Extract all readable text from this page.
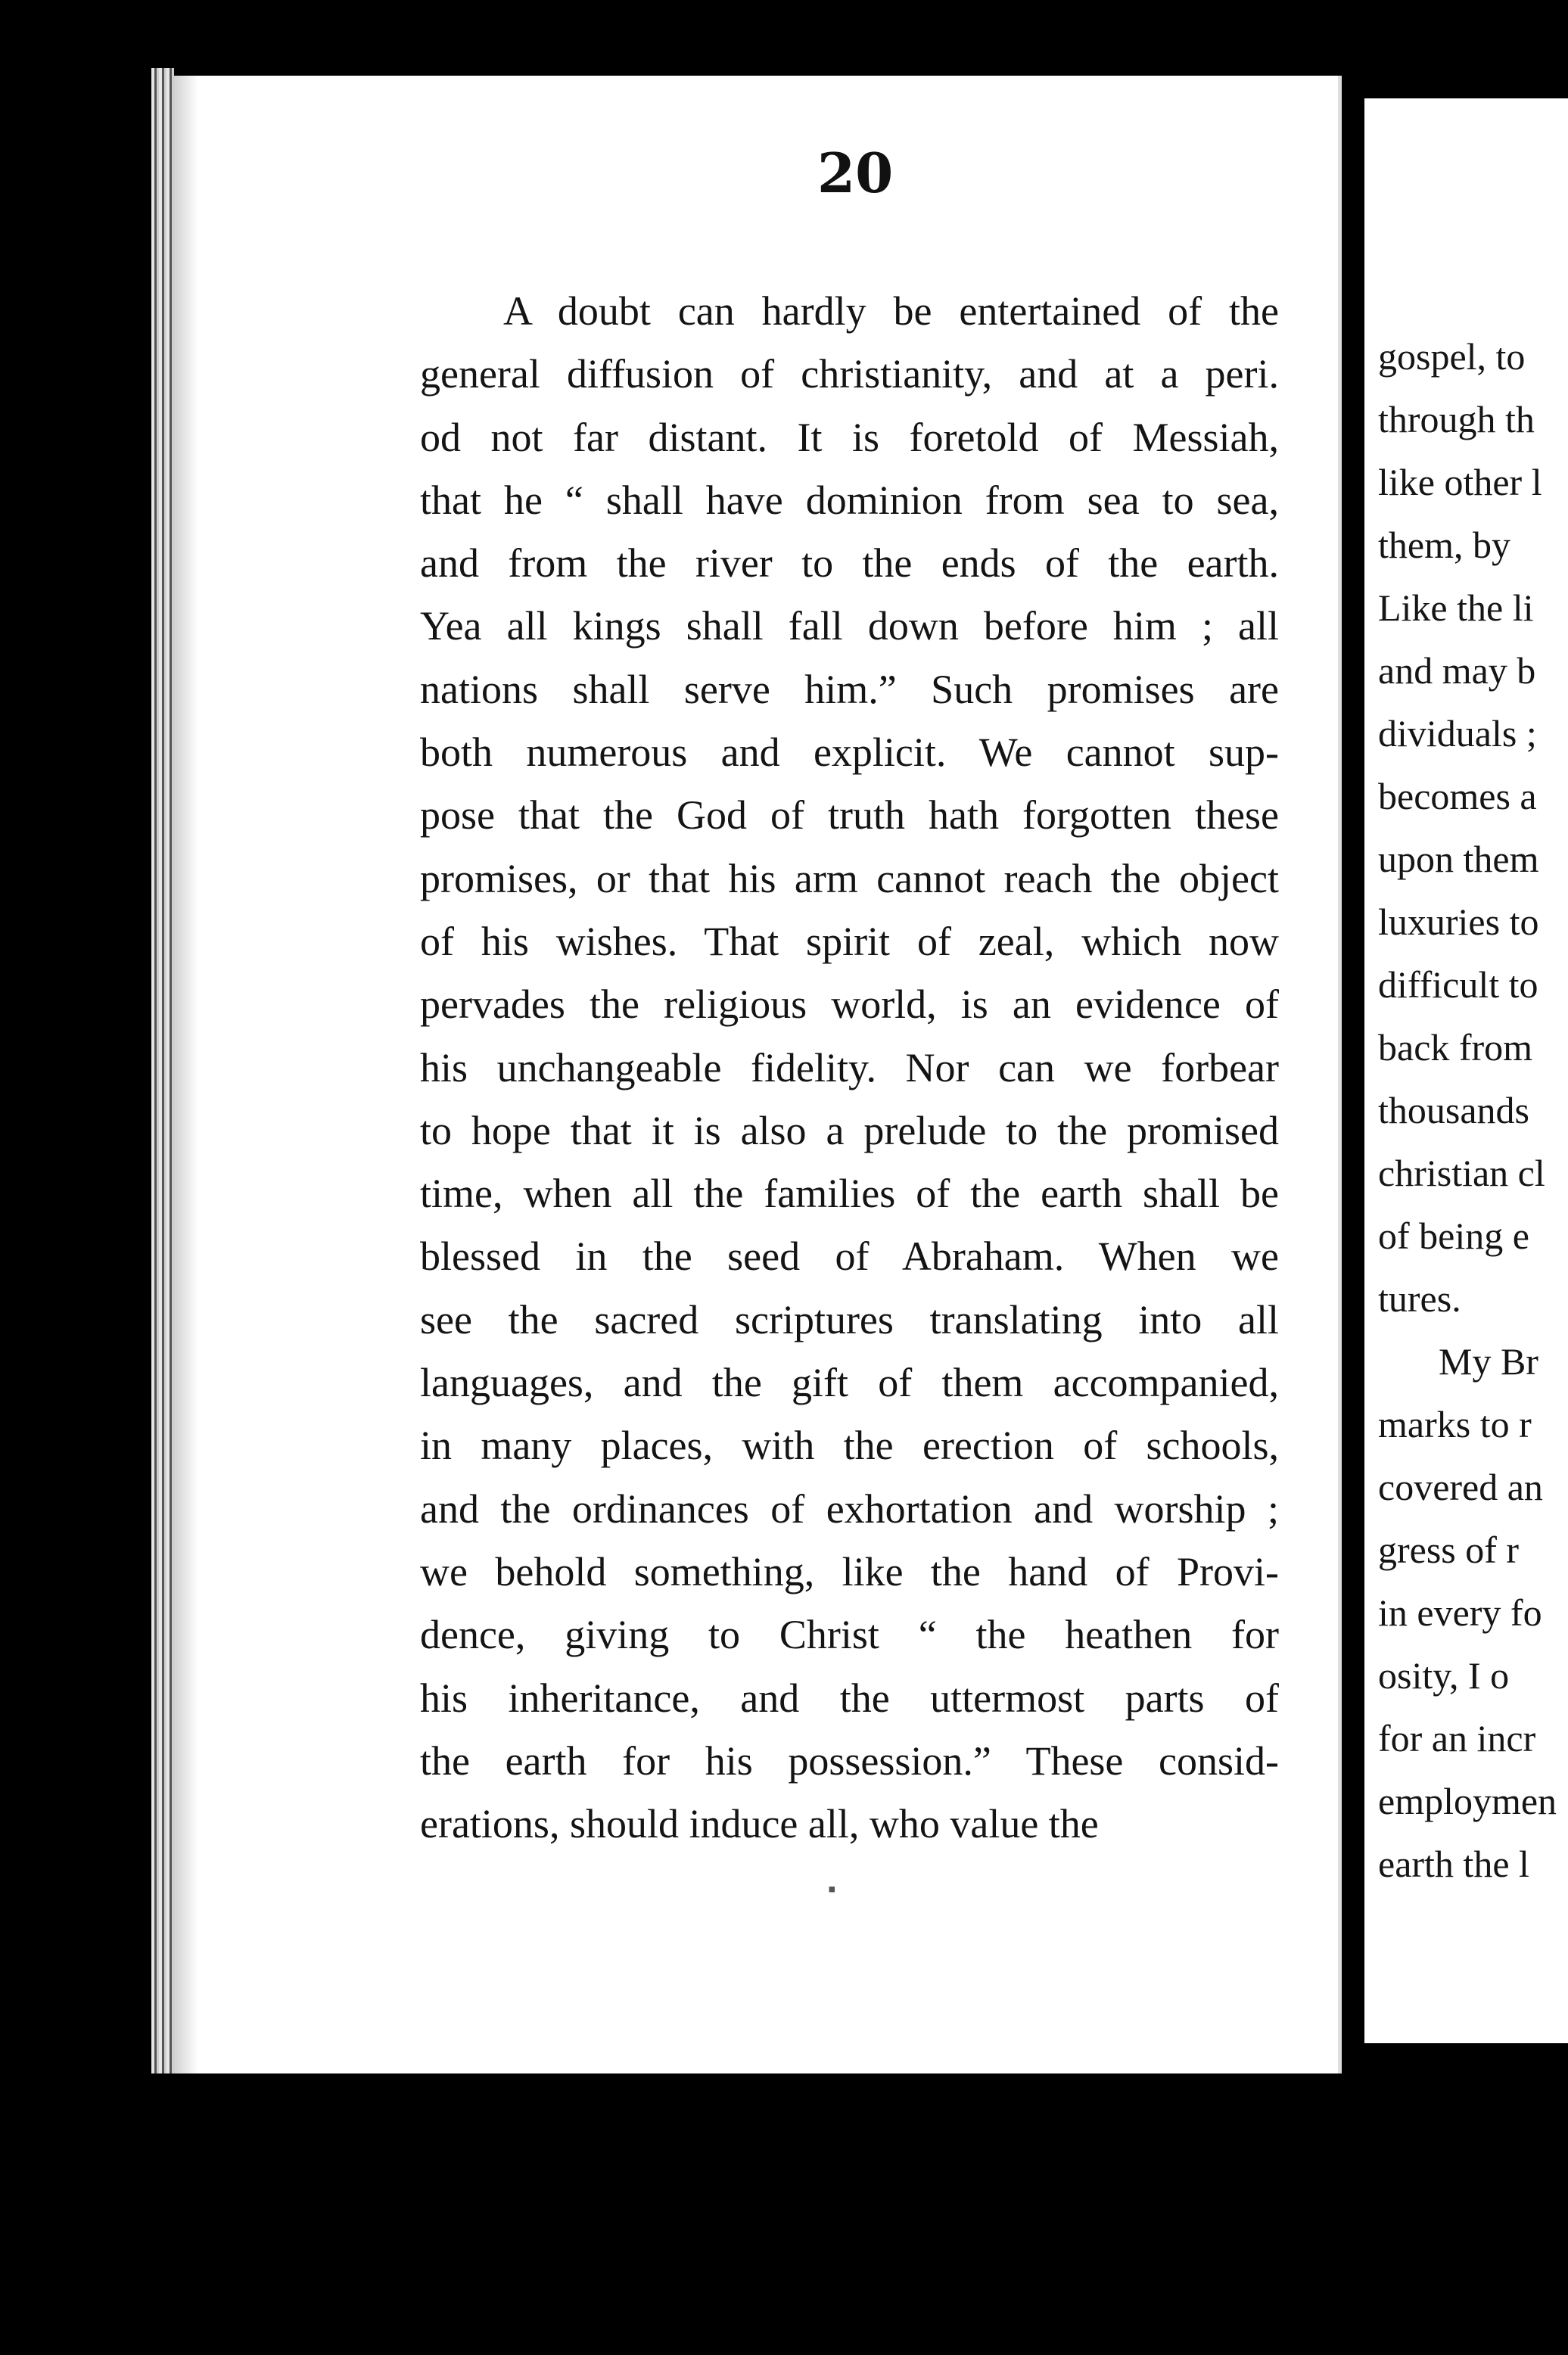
20
A doubt can hardly be entertained of the
general diffusion of christianity, and at a peri.
od not far distant. It is foretold of Messiah,
that he “ shall have dominion from sea to sea,
and from the river to the ends of the earth.
Yea all kings shall fall down before him ; all
nations shall serve him.” Such promises are
both numerous and explicit. We cannot sup-
pose that the God of truth hath forgotten these
promises, or that his arm cannot reach the object
of his wishes. That spirit of zeal, which now
pervades the religious world, is an evidence of
his unchangeable fidelity. Nor can we forbear
to hope that it is also a prelude to the promised
time, when all the families of the earth shall be
blessed in the seed of Abraham. When we
see the sacred scriptures translating into all
languages, and the gift of them accompanied,
in many places, with the erection of schools,
and the ordinances of exhortation and worship ;
we behold something, like the hand of Provi-
dence, giving to Christ “ the heathen for
his inheritance, and the uttermost parts of
the earth for his possession.” These consid-
erations, should induce all, who value the
▪
gospel, to
through th
like other l
them, by
Like the li
and may b
dividuals ;
becomes a
upon them
luxuries to
difficult to
back from
thousands
christian cl
of being e
tures.
My Br
marks to r
covered an
gress of r
in every fo
osity, I o
for an incr
employmen
earth the l
